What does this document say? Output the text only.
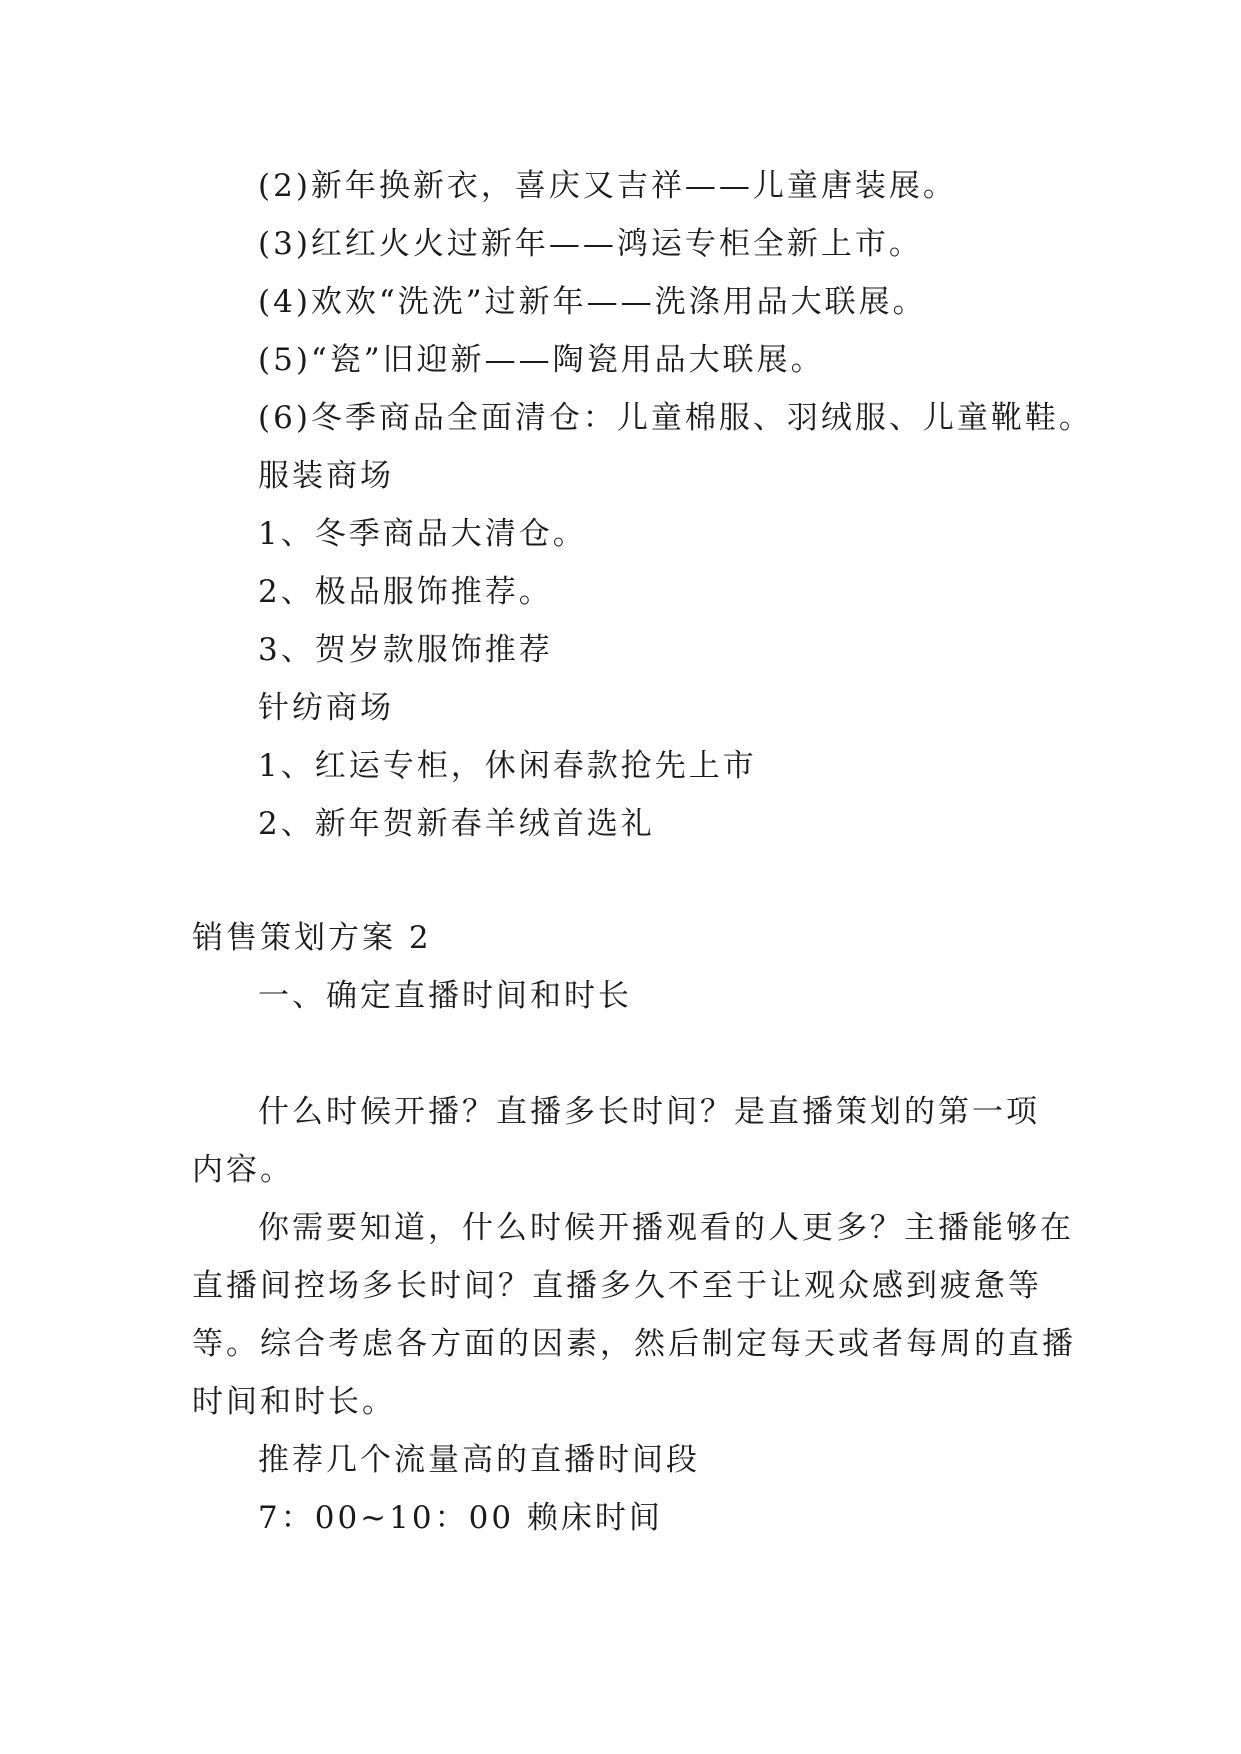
(2)新年换新衣，喜庆又吉祥——儿童唐装展。
(3)红红火火过新年——鸿运专柜全新上市。
(4)欢欢“洗洗”过新年——洗涤用品大联展。
(5)“瓷”旧迎新——陶瓷用品大联展。
(6)冬季商品全面清仓：儿童棉服、羽绒服、儿童靴鞋。
服装商场
1、冬季商品大清仓。
2、极品服饰推荐。
3、贺岁款服饰推荐
针纺商场
1、红运专柜，休闲春款抢先上市
2、新年贺新春羊绒首选礼
销售策划方案 2
一、确定直播时间和时长
什么时候开播？直播多长时间？是直播策划的第一项
内容。
你需要知道，什么时候开播观看的人更多？主播能够在
直播间控场多长时间？直播多久不至于让观众感到疲惫等
等。综合考虑各方面的因素，然后制定每天或者每周的直播
时间和时长。
推荐几个流量高的直播时间段
7：00~10：00 赖床时间
